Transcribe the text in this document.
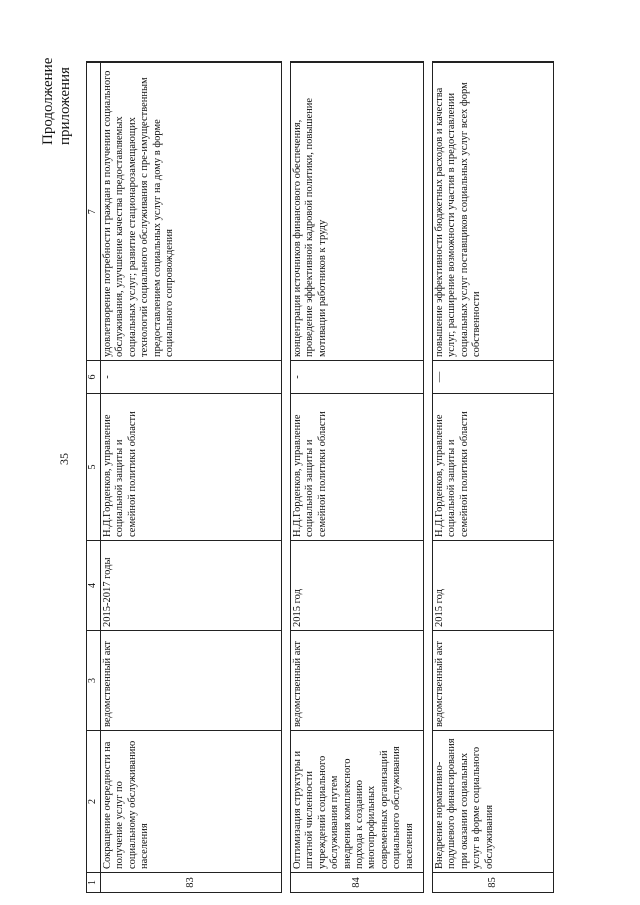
Продолжение приложения
35
1	2	3	4	5	6	7
83	Сокращение очередности на получение услуг по социальному обслуживанию населения	ведомственный акт	2015-2017 годы	Н.Д.Горденков, управление социальной защиты и семейной политики области	-	удовлетворение потребности граждан в получении социального обслуживания, улучшение качества предоставляемых социальных услуг; развитие стационарозамещающих технологий социального обслуживания с пре-имущественным предоставлением социальных услуг на дому в форме социального сопровождения

84	Оптимизация структуры и штатной численности учреждений социального обслуживания путем внедрения комплексного подхода к созданию многопрофильных современных организаций социального обслуживания населения	ведомственный акт	2015 год	Н.Д.Горденков, управление социальной защиты и семейной политики области	-	концентрация источников финансового обеспечения, проведение эффективной кадровой политики, повышение мотивации работников к труду

85	Внедрение нормативно-подушевого финансирования при оказании социальных услуг в форме социального обслуживания	ведомственный акт	2015 год	Н.Д.Горденков, управление социальной защиты и семейной политики области	—	повышение эффективности бюджетных расходов и качества услуг, расширение возможности участия в предоставлении социальных услуг поставщиков социальных услуг всех форм собственности
